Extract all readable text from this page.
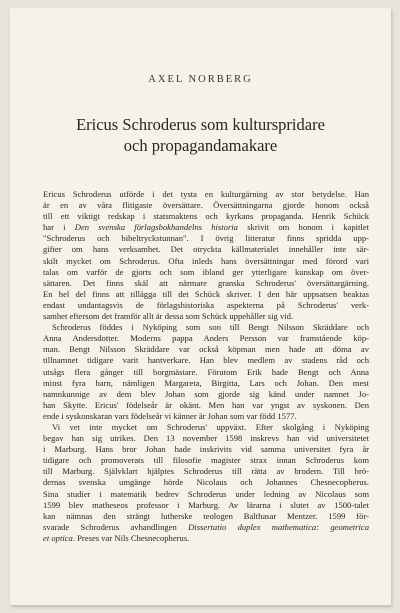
AXEL NORBERG
Ericus Schroderus som kulturspridare
och propagandamakare
Ericus Schroderus utförde i det tysta en kulturgärning av stor betydelse. Han
är en av våra flitigaste översättare. Översättningarna gjorde honom också
till ett viktigt redskap i statsmaktens och kyrkans propaganda. Henrik Schück
har i Den svenska förlagsbokhandelns historia skrivit om honom i kapitlet
"Schroderus och bibeltryckstunnan". I övrig litteratur finns spridda upp-
gifter om hans verksamhet. Det otryckta källmaterialet innehåller inte sär-
skilt mycket om Schroderus. Ofta inleds hans översättningar med förord vari
talas om varför de gjorts och som ibland ger ytterligare kunskap om över-
sättaren. Det finns skäl att närmare granska Schroderus' översättargärning.
En hel del finns att tillägga till det Schück skriver. I den här uppsatsen beaktas
endast undantagsvis de förlagshistoriska aspekterna på Schroderus' verk-
samhet eftersom det framför allt är dessa som Schück uppehåller sig vid.
Schroderus föddes i Nyköping som son till Bengt Nilsson Skräddare och
Anna Andersdotter. Moderns pappa Anders Persson var framstående köp-
man. Bengt Nilsson Skräddare var också köpman men hade att döma av
tillnamnet tidigare varit hantverkare. Han blev medlem av stadens råd och
utsågs flera gånger till borgmästare. Förutom Erik hade Bengt och Anna
minst fyra barn, nämligen Margareta, Birgitta, Lars och Johan. Den mest
namnkunnige av dem blev Johan som gjorde sig känd under namnet Jo-
han Skytte. Ericus' födelseår är okänt. Men han var yngst av syskonen. Den
ende i syskonskaran vars födelseår vi känner är Johan som var född 1577.
Vi vet inte mycket om Schroderus' uppväxt. Efter skolgång i Nyköping
begav han sig utrikes. Den 13 november 1598 inskrevs han vid universitetet
i Marburg. Hans bror Johan hade inskrivits vid samma universitet fyra år
tidigare och promoverats till filosofie magister strax innan Schroderus kom
till Marburg. Självklart hjälptes Schroderus till rätta av brodern. Till brö-
dernas svenska umgänge hörde Nicolaus och Johannes Chesnecopherus.
Sina studier i matematik bedrev Schroderus under ledning av Nicolaus som
1599 blev matheseos professor i Marburg. Av lärarna i slutet av 1500-talet
kan nämnas den strängt lutherske teologen Balthasar Mentzer. 1599 för-
svarade Schroderus avhandlingen Dissertatio duplex mathematica: geometrica
et optica. Preses var Nils Chesnecopherus.
